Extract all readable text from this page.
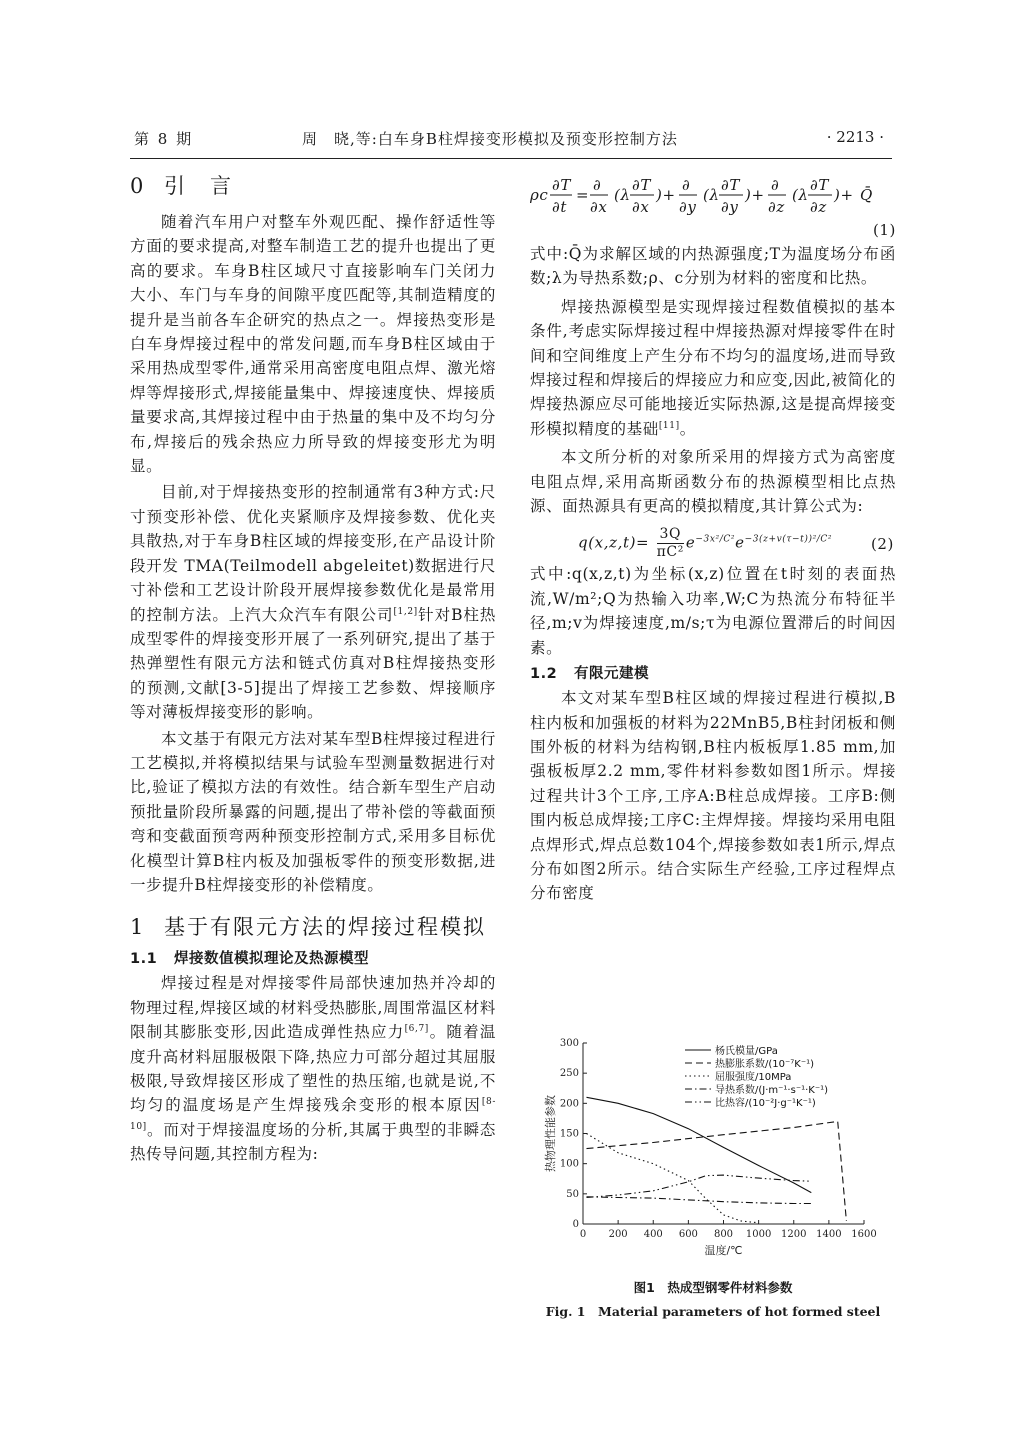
第 8 期	周　晓,等:白车身B柱焊接变形模拟及预变形控制方法	· 2213 ·
0 引　言

随着汽车用户对整车外观匹配、操作舒适性等方面的要求提高,对整车制造工艺的提升也提出了更高的要求。车身B柱区域尺寸直接影响车门关闭力大小、车门与车身的间隙平度匹配等,其制造精度的提升是当前各车企研究的热点之一。焊接热变形是白车身焊接过程中的常发问题,而车身B柱区域由于采用热成型零件,通常采用高密度电阻点焊、激光熔焊等焊接形式,焊接能量集中、焊接速度快、焊接质量要求高,其焊接过程中由于热量的集中及不均匀分布,焊接后的残余热应力所导致的焊接变形尤为明显。

目前,对于焊接热变形的控制通常有3种方式:尺寸预变形补偿、优化夹紧顺序及焊接参数、优化夹具散热,对于车身B柱区域的焊接变形,在产品设计阶段开发 TMA(Teilmodell abgeleitet)数据进行尺寸补偿和工艺设计阶段开展焊接参数优化是最常用的控制方法。上汽大众汽车有限公司[1,2]针对B柱热成型零件的焊接变形开展了一系列研究,提出了基于热弹塑性有限元方法和链式仿真对B柱焊接热变形的预测,文献[3-5]提出了焊接工艺参数、焊接顺序等对薄板焊接变形的影响。

本文基于有限元方法对某车型B柱焊接过程进行工艺模拟,并将模拟结果与试验车型测量数据进行对比,验证了模拟方法的有效性。结合新车型生产启动预批量阶段所暴露的问题,提出了带补偿的等截面预弯和变截面预弯两种预变形控制方式,采用多目标优化模型计算B柱内板及加强板零件的预变形数据,进一步提升B柱焊接变形的补偿精度。

1 基于有限元方法的焊接过程模拟
1.1 焊接数值模拟理论及热源模型

焊接过程是对焊接零件局部快速加热并冷却的物理过程,焊接区域的材料受热膨胀,周围常温区材料限制其膨胀变形,因此造成弹性热应力[6,7]。随着温度升高材料屈服极限下降,热应力可部分超过其屈服极限,导致焊接区形成了塑性的热压缩,也就是说,不均匀的温度场是产生焊接残余变形的根本原因[8-10]。而对于焊接温度场的分析,其属于典型的非瞬态热传导问题,其控制方程为:

ρc
∂T
∂t
=
∂
∂x
(λ
∂T
∂x
)+
∂
∂y
(λ
∂T
∂y
)+
∂
∂z
(λ
∂T
∂z
)+ Q̄
(1)

式中:Q̄为求解区域的内热源强度;T为温度场分布函数;λ为导热系数;ρ、c分别为材料的密度和比热。

焊接热源模型是实现焊接过程数值模拟的基本条件,考虑实际焊接过程中焊接热源对焊接零件在时间和空间维度上产生分布不均匀的温度场,进而导致焊接过程和焊接后的焊接应力和应变,因此,被简化的焊接热源应尽可能地接近实际热源,这是提高焊接变形模拟精度的基础[11]。

本文所分析的对象所采用的焊接方式为高密度电阻点焊,采用高斯函数分布的热源模型相比点热源、面热源具有更高的模拟精度,其计算公式为:

$q(x,z,t)= \frac{3Q}{\text{πC²}} e^{-3x^2/C^2}e^{-3(z+v(\tau-t))^2/C^2}$	(2)

式中:q(x,z,t)为坐标(x,z)位置在t时刻的表面热流,W/m²;Q为热输入功率,W;C为热流分布特征半径,m;v为焊接速度,m/s;τ为电源位置滞后的时间因素。

1.2 有限元建模

本文对某车型B柱区域的焊接过程进行模拟,B柱内板和加强板的材料为22MnB5,B柱封闭板和侧围外板的材料为结构钢,B柱内板板厚1.85 mm,加强板板厚2.2 mm,零件材料参数如图1所示。焊接过程共计3个工序,工序A:B柱总成焊接。工序B:侧围内板总成焊接;工序C:主焊焊接。焊接均采用电阻点焊形式,焊点总数104个,焊接参数如表1所示,焊点分布如图2所示。结合实际生产经验,工序过程焊点分布密度

0 200 400 600 800 1000 1200 1400 1600
0
50
100
150
200
250
300
温度/℃
热物理性能参数
杨氏模量/GPa
热膨胀系数/(10⁻⁷K⁻¹)
屈服强度/10MPa
导热系数/(J·m⁻¹·s⁻¹·K⁻¹)
比热容/(10⁻²J·g⁻¹K⁻¹)
图1　热成型钢零件材料参数
Fig. 1　Material parameters of hot formed steel
